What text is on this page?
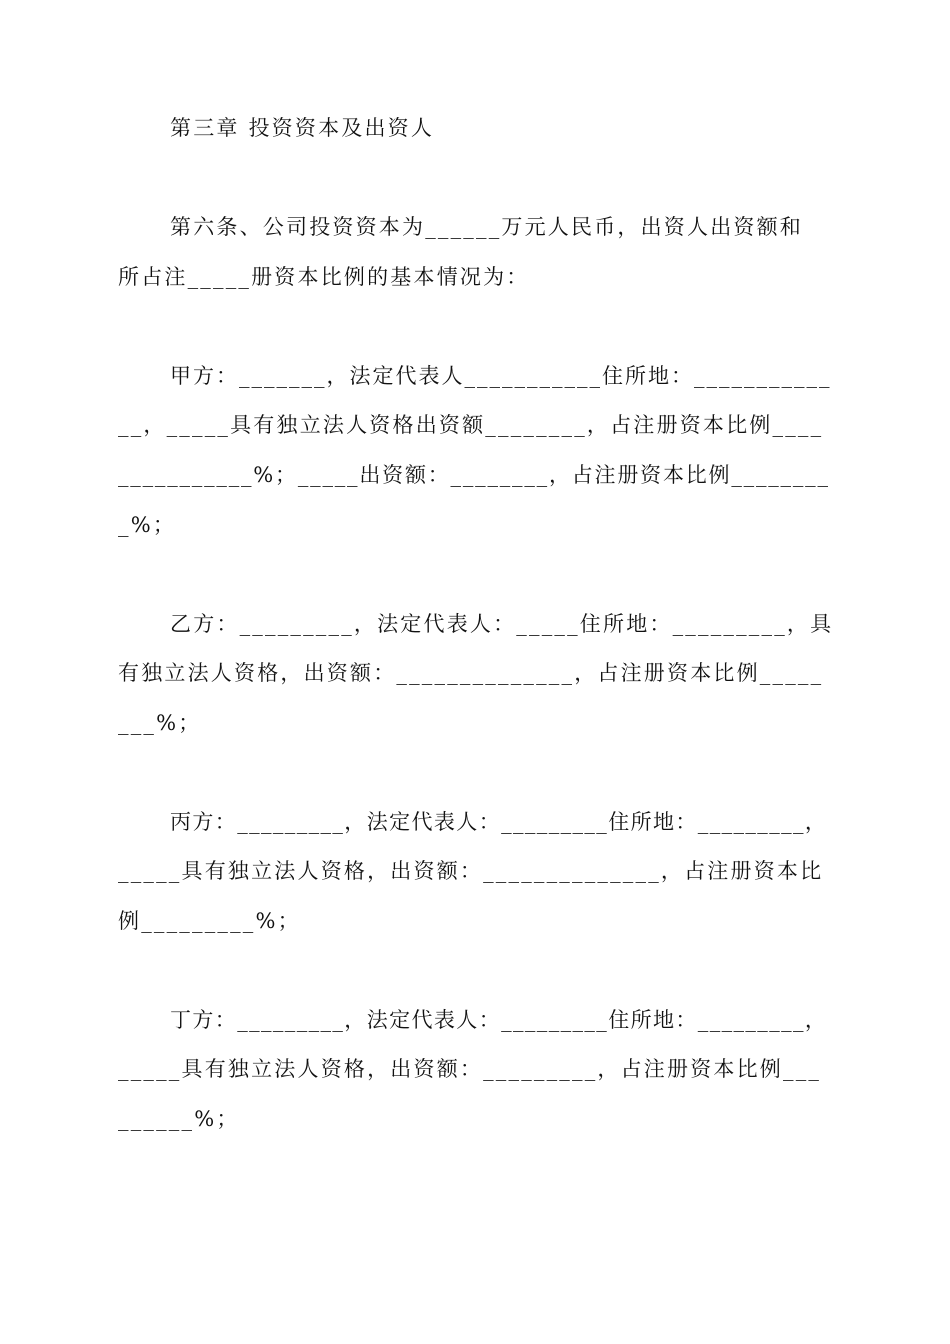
第三章 投资资本及出资人
第六条、公司投资资本为______万元人民币，出资人出资额和
所占注_____册资本比例的基本情况为：
甲方：_______，法定代表人___________住所地：___________
__，_____具有独立法人资格出资额________，占注册资本比例____
___________%；_____出资额：________，占注册资本比例________
_%；
乙方：_________，法定代表人：_____住所地：_________，具
有独立法人资格，出资额：______________，占注册资本比例_____
___%；
丙方：_________，法定代表人：_________住所地：_________，
_____具有独立法人资格，出资额：______________，占注册资本比
例_________%；
丁方：_________，法定代表人：_________住所地：_________，
_____具有独立法人资格，出资额：_________，占注册资本比例___
______%；
